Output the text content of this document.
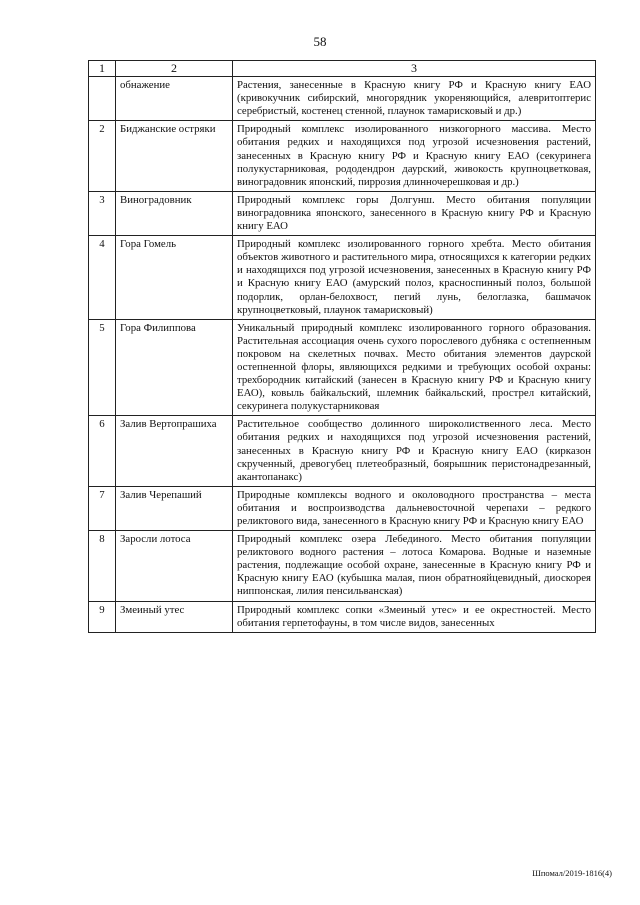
58
1	2	3
	обнажение	Растения, занесенные в Красную книгу РФ и Красную книгу ЕАО (кривокучник сибирский, многорядник укореняющийся, алевритоптерис серебристый, костенец стенной, плаунок тамарисковый и др.)
2	Биджанские остряки	Природный комплекс изолированного низкогорного массива. Место обитания редких и находящихся под угрозой исчезновения растений, занесенных в Красную книгу РФ и Красную книгу ЕАО (секуринега полукустарниковая, рододендрон даурский, живокость крупноцветковая, виноградовник японский, пиррозия длинночерешковая и др.)
3	Виноградовник	Природный комплекс горы Долгунш. Место обитания популяции виноградовника японского, занесенного в Красную книгу РФ и Красную книгу ЕАО
4	Гора Гомель	Природный комплекс изолированного горного хребта. Место обитания объектов животного и растительного мира, относящихся к категории редких и находящихся под угрозой исчезновения, занесенных в Красную книгу РФ и Красную книгу ЕАО (амурский полоз, красноспинный полоз, большой подорлик, орлан-белохвост, пегий лунь, белоглазка, башмачок крупноцветковый, плаунок тамарисковый)
5	Гора Филиппова	Уникальный природный комплекс изолированного горного образования. Растительная ассоциация очень сухого порослевого дубняка с остепненным покровом на скелетных почвах. Место обитания элементов даурской остепненной флоры, являющихся редкими и требующих особой охраны: трехбородник китайский (занесен в Красную книгу РФ и Красную книгу ЕАО), ковыль байкальский, шлемник байкальский, прострел китайский, секуринега полукустарниковая
6	Залив Вертопрашиха	Растительное сообщество долинного широколиственного леса. Место обитания редких и находящихся под угрозой исчезновения растений, занесенных в Красную книгу РФ и Красную книгу ЕАО (кирказон скрученный, древогубец плетеобразный, боярышник перистонадрезанный, акантопанакс)
7	Залив Черепаший	Природные комплексы водного и околоводного пространства – места обитания и воспроизводства дальневосточной черепахи – редкого реликтового вида, занесенного в Красную книгу РФ и Красную книгу ЕАО
8	Заросли лотоса	Природный комплекс озера Лебединого. Место обитания популяции реликтового водного растения – лотоса Комарова. Водные и наземные растения, подлежащие особой охране, занесенные в Красную книгу РФ и Красную книгу ЕАО (кубышка малая, пион обратнояйцевидный, диоскорея ниппонская, лилия пенсильванская)
9	Змеиный утес	Природный комплекс сопки «Змеиный утес» и ее окрестностей. Место обитания герпетофауны, в том числе видов, занесенных
Шпомал/2019-1816(4)
